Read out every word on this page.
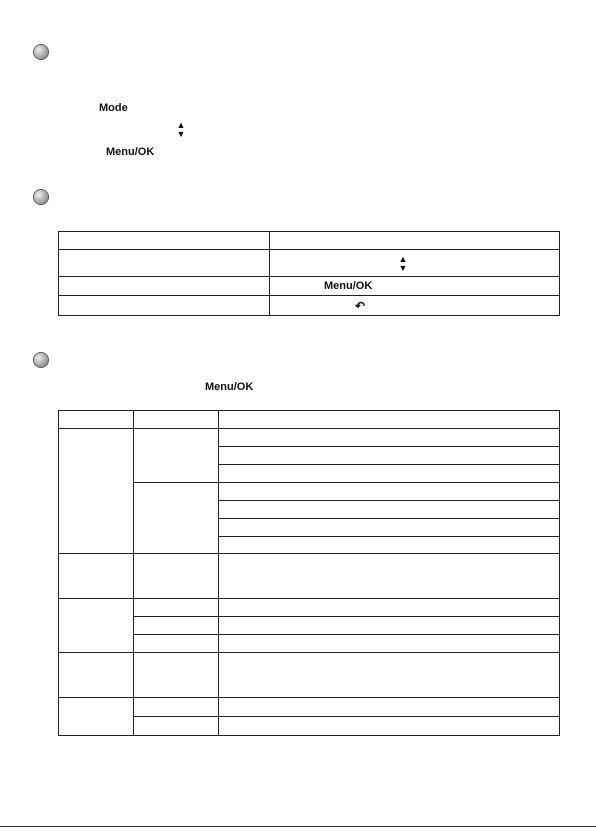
Mode
▲
▼
Menu/OK

	▲
▼

	Menu/OK
	↶
Menu/OK
